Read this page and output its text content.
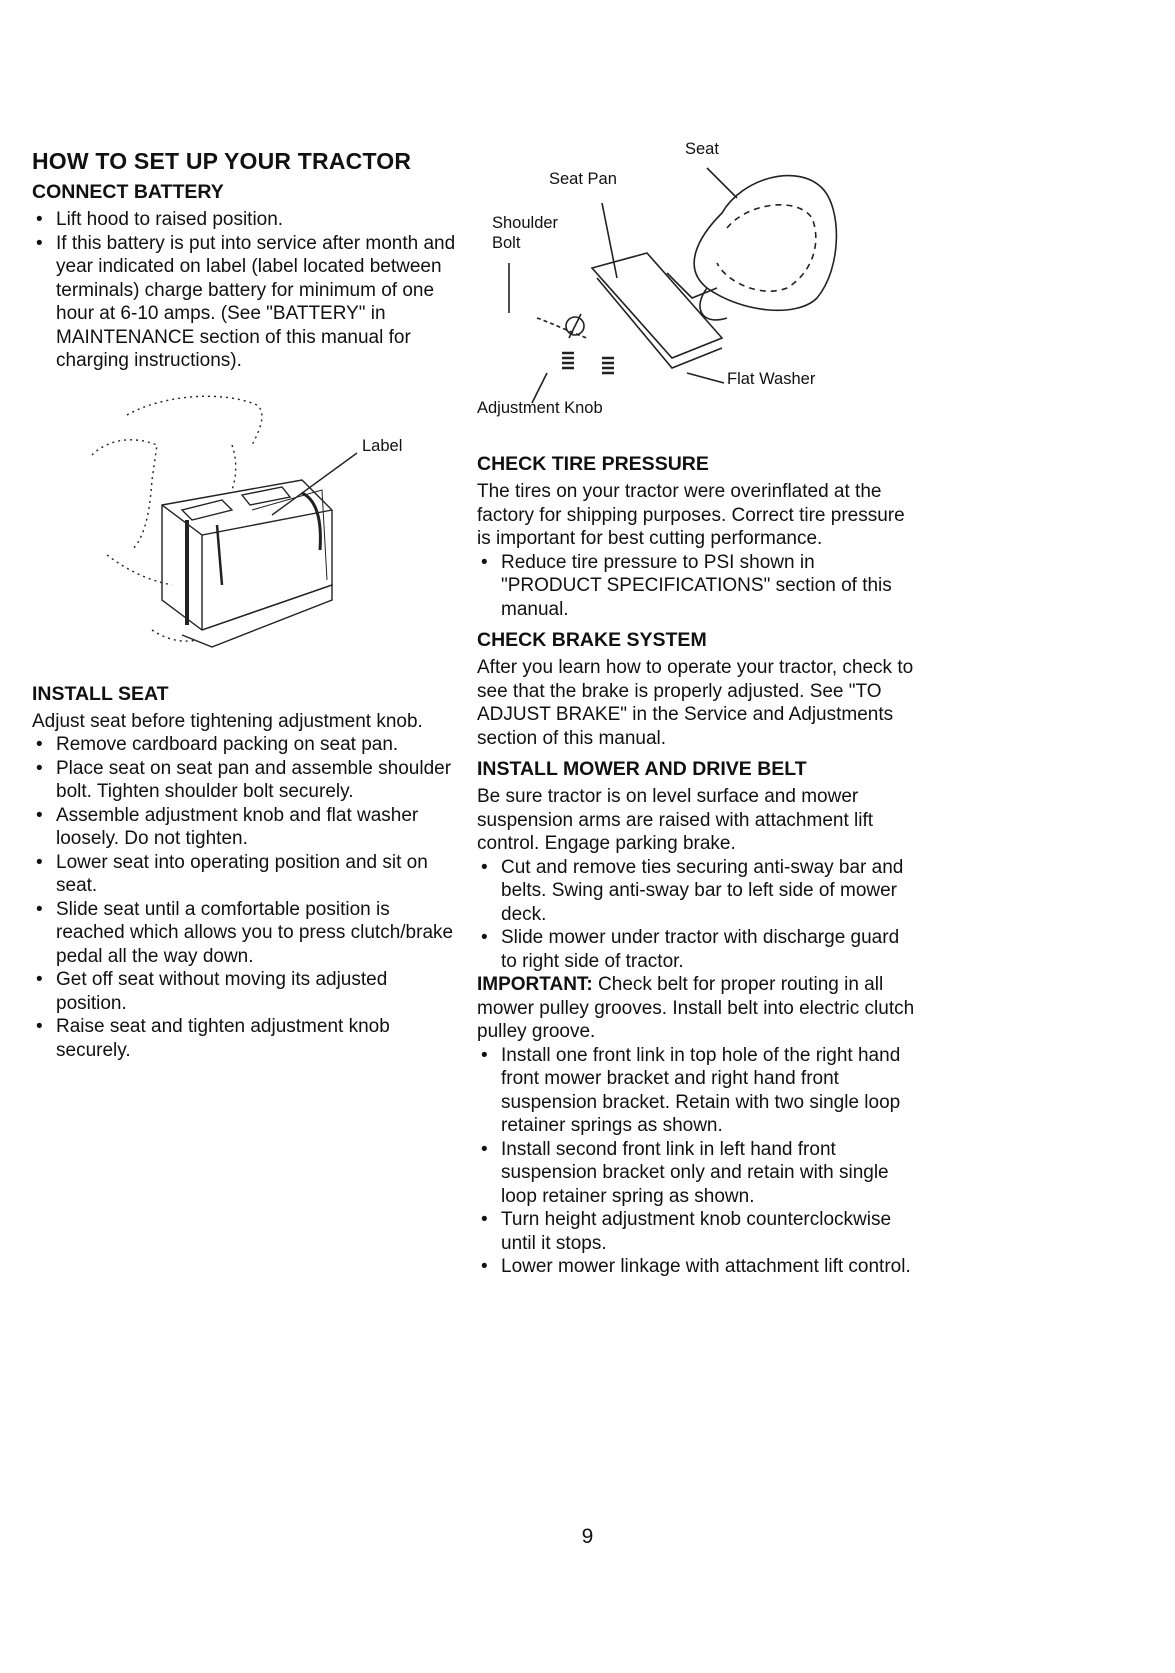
HOW TO SET UP YOUR TRACTOR
CONNECT BATTERY
• Lift hood to raised position.
• If this battery is put into service after month and year indicated on label (label located between terminals) charge battery for minimum of one hour at 6-10 amps. (See "BATTERY" in MAINTENANCE section of this manual for charging instructions).
Label
INSTALL SEAT

Adjust seat before tightening adjustment knob.

• Remove cardboard packing on seat pan.
• Place seat on seat pan and assemble shoulder bolt. Tighten shoulder bolt securely.
• Assemble adjustment knob and flat washer loosely. Do not tighten.
• Lower seat into operating position and sit on seat.
• Slide seat until a comfortable position is reached which allows you to press clutch/brake pedal all the way down.
• Get off seat without moving its adjusted position.
• Raise seat and tighten adjustment knob securely.
Seat
Seat Pan
Shoulder
Bolt
Flat Washer
Adjustment Knob
CHECK TIRE PRESSURE

The tires on your tractor were overinflated at the factory for shipping purposes. Correct tire pressure is important for best cutting performance.

• Reduce tire pressure to PSI shown in "PRODUCT SPECIFICATIONS" section of this manual.
CHECK BRAKE SYSTEM

After you learn how to operate your tractor, check to see that the brake is properly adjusted. See "TO ADJUST BRAKE" in the Service and Adjustments section of this manual.

INSTALL MOWER AND DRIVE BELT

Be sure tractor is on level surface and mower suspension arms are raised with attachment lift control. Engage parking brake.

• Cut and remove ties securing anti-sway bar and belts. Swing anti-sway bar to left side of mower deck.
• Slide mower under tractor with discharge guard to right side of tractor.

IMPORTANT: Check belt for proper routing in all mower pulley grooves. Install belt into electric clutch pulley groove.

• Install one front link in top hole of the right hand front mower bracket and right hand front suspension bracket. Retain with two single loop retainer springs as shown.
• Install second front link in left hand front suspension bracket only and retain with single loop retainer spring as shown.
• Turn height adjustment knob counterclockwise until it stops.
• Lower mower linkage with attachment lift control.
9
